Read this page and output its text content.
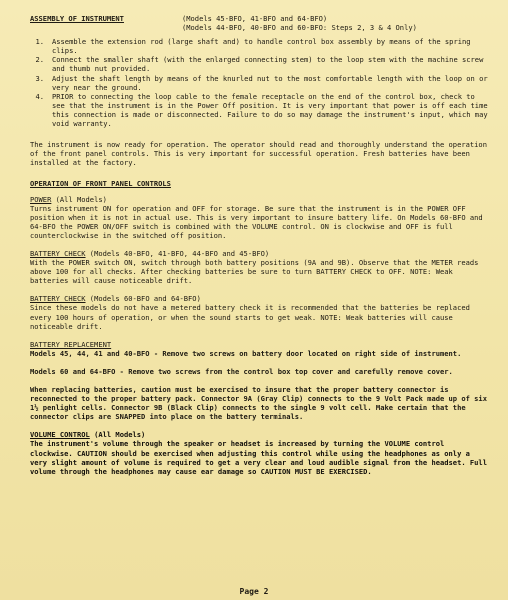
ASSEMBLY OF INSTRUMENT	(Models 45-BFO, 41-BFO and 64-BFO)
(Models 44-BFO, 40-BFO and 60-BFO: Steps 2, 3 & 4 Only)
1.	Assemble the extension rod (large shaft and) to handle control box assembly by means of the spring clips.
2.	Connect the smaller shaft (with the enlarged connecting stem) to the loop stem with the machine screw and thumb nut provided.
3.	Adjust the shaft length by means of the knurled nut to the most comfortable length with the loop on or very near the ground.
4.	PRIOR to connecting the loop cable to the female receptacle on the end of the control box, check to see that the instrument is in the Power Off position. It is very important that power is off each time this connection is made or disconnected. Failure to do so may damage the instrument's input, which may void warranty.

The instrument is now ready for operation. The operator should read and thoroughly understand the operation of the front panel controls. This is very important for successful operation. Fresh batteries have been installed at the factory.

OPERATION OF FRONT PANEL CONTROLS
POWER (All Models)

Turns instrument ON for operation and OFF for storage. Be sure that the instrument is in the POWER OFF position when it is not in actual use. This is very important to insure battery life. On Models 60-BFO and 64-BFO the POWER ON/OFF switch is combined with the VOLUME control. ON is clockwise and OFF is full counterclockwise in the switched off position.

BATTERY CHECK (Models 40-BFO, 41-BFO, 44-BFO and 45-BFO)

With the POWER switch ON, switch through both battery positions (9A and 9B). Observe that the METER reads above 100 for all checks. After checking batteries be sure to turn BATTERY CHECK to OFF. NOTE: Weak batteries will cause noticeable drift.

BATTERY CHECK (Models 60-BFO and 64-BFO)

Since these models do not have a metered battery check it is recommended that the batteries be replaced every 100 hours of operation, or when the sound starts to get weak. NOTE: Weak batteries will cause noticeable drift.

BATTERY REPLACEMENT

Models 45, 44, 41 and 40-BFO - Remove two screws on battery door located on right side of instrument.

Models 60 and 64-BFO - Remove two screws from the control box top cover and carefully remove cover.

When replacing batteries, caution must be exercised to insure that the proper battery connector is reconnected to the proper battery pack. Connector 9A (Gray Clip) connects to the 9 Volt Pack made up of six 1½ penlight cells. Connector 9B (Black Clip) connects to the single 9 volt cell. Make certain that the connector clips are SNAPPED into place on the battery terminals.

VOLUME CONTROL (All Models)

The instrument's volume through the speaker or headset is increased by turning the VOLUME control clockwise. CAUTION should be exercised when adjusting this control while using the headphones as only a very slight amount of volume is required to get a very clear and loud audible signal from the headset. Full volume through the headphones may cause ear damage so CAUTION MUST BE EXERCISED.

Page 2
